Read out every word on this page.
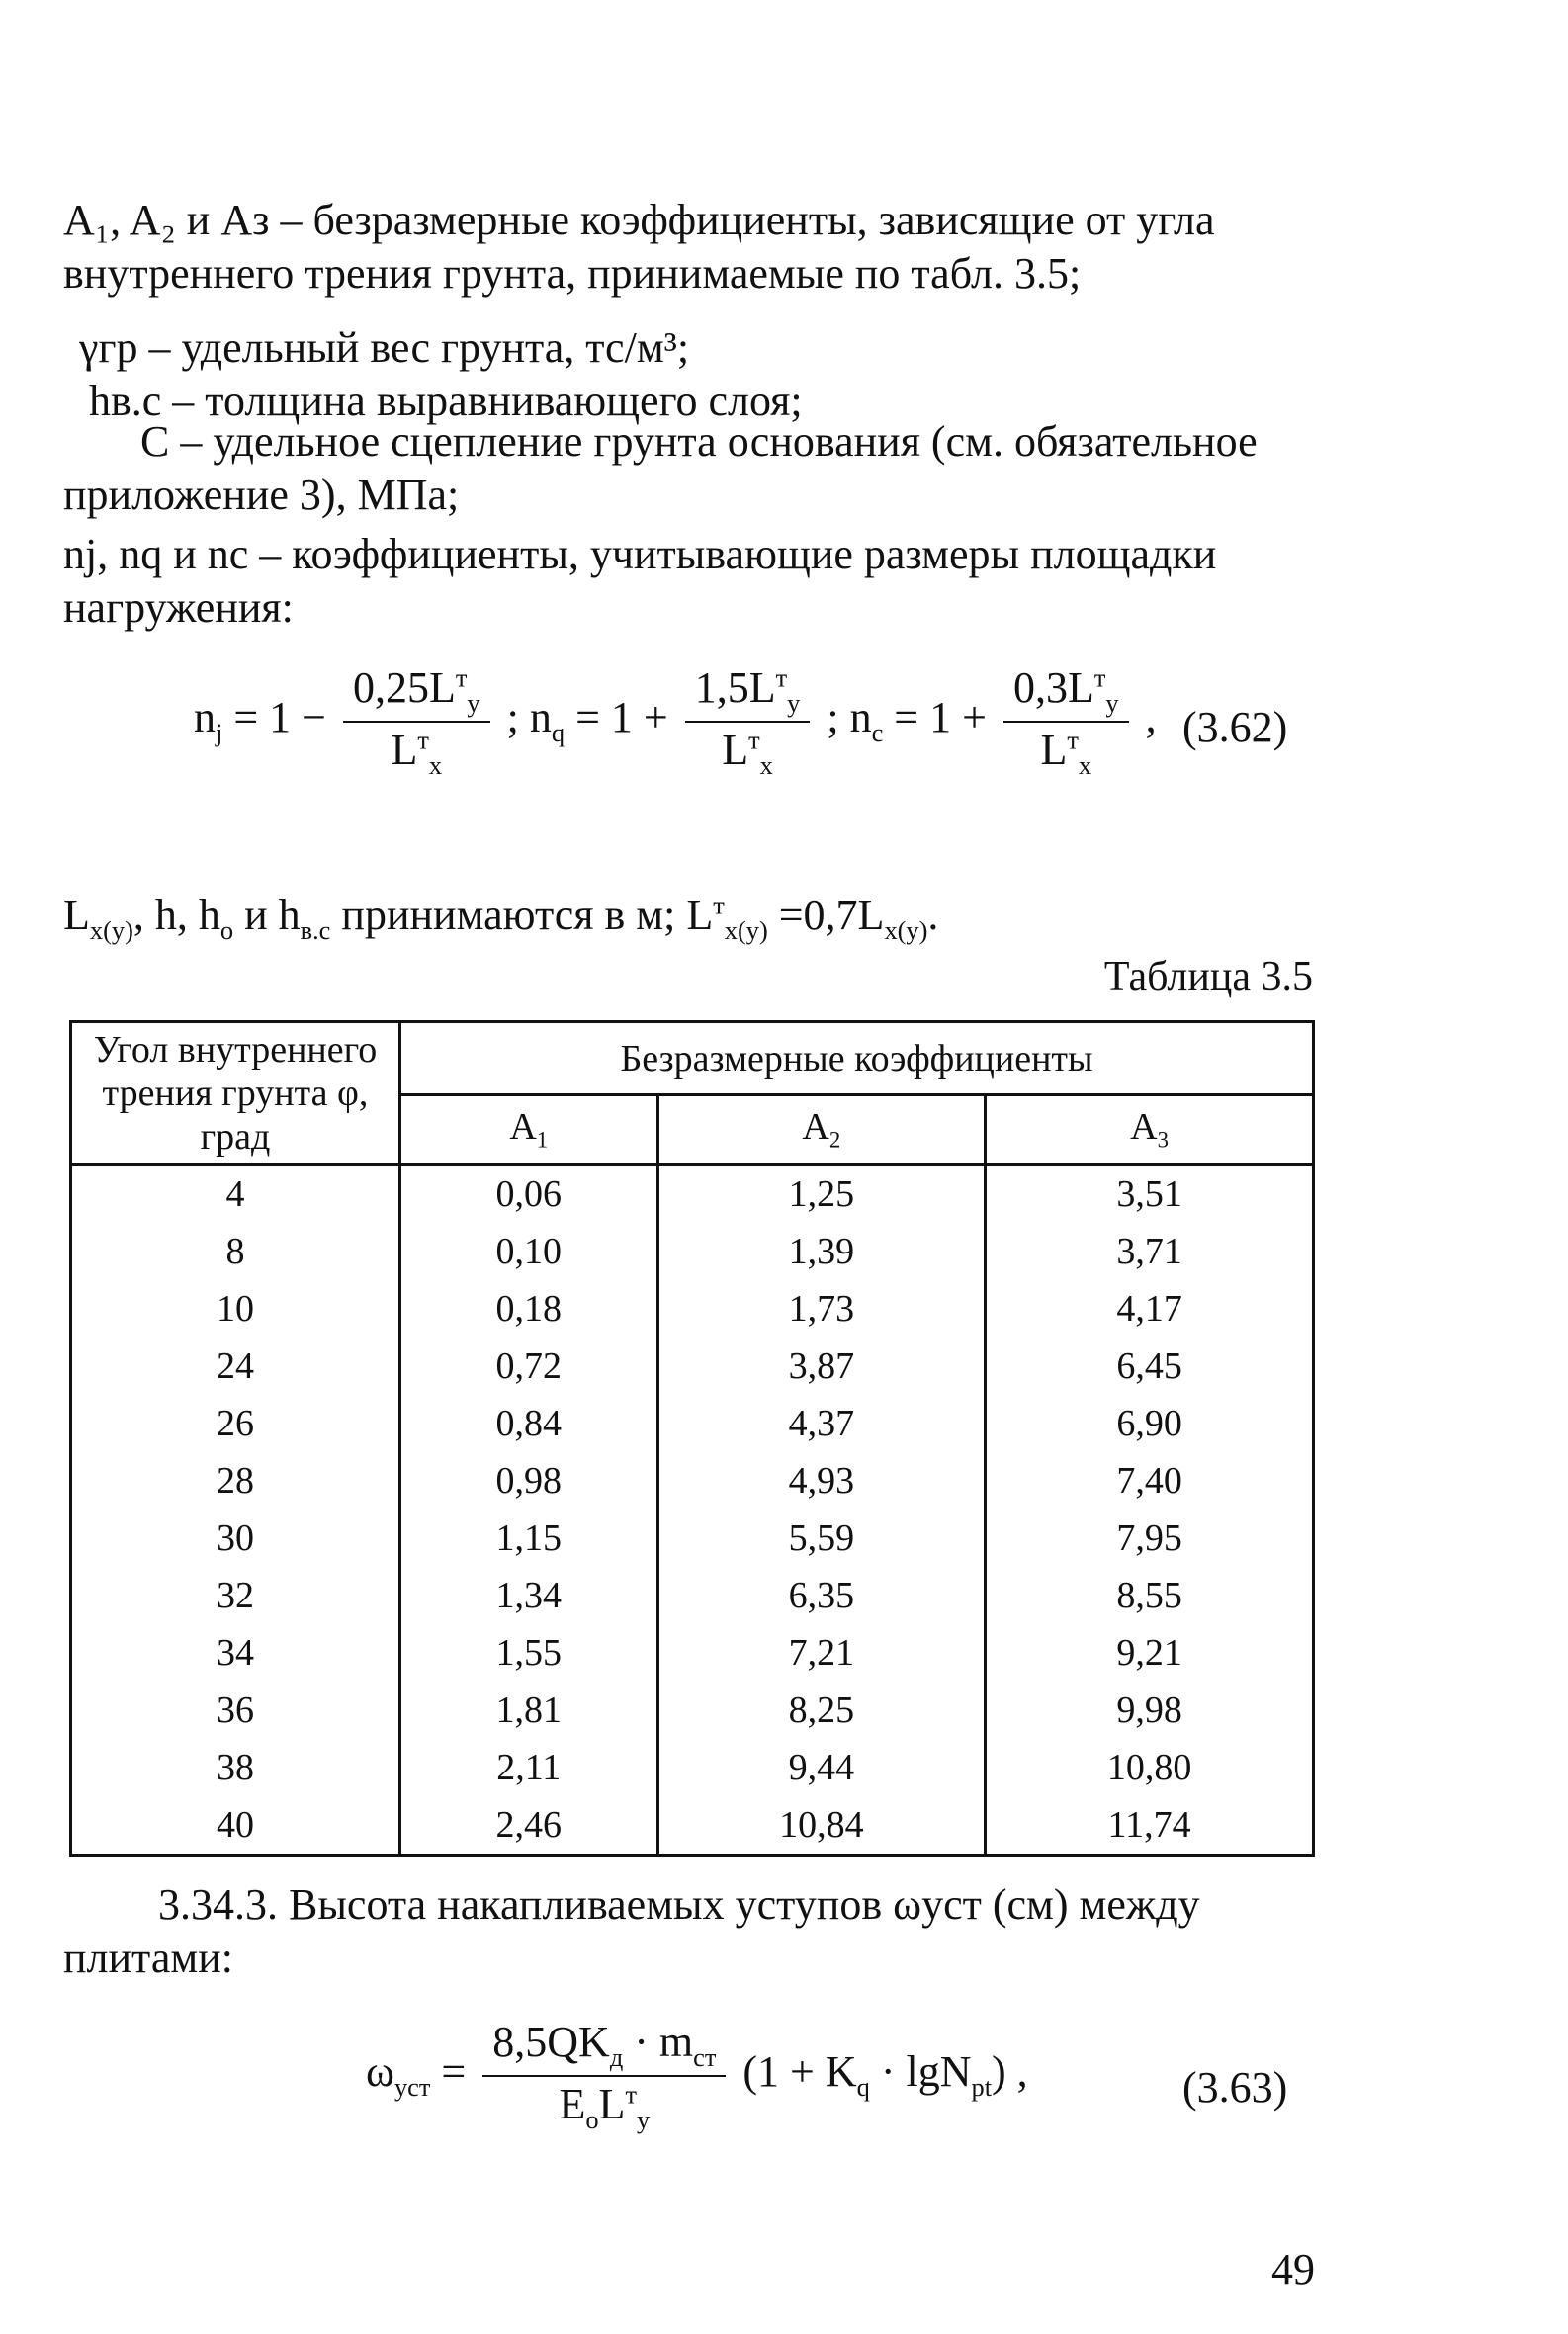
A₁, A₂ и Аз – безразмерные коэффициенты, зависящие от угла внутреннего трения грунта, принимаемые по табл. 3.5;
γгр – удельный вес грунта, тс/м³;
hв.с – толщина выравнивающего слоя;
С – удельное сцепление грунта основания (см. обязательное приложение 3), МПа;
nj, nq и nc – коэффициенты, учитывающие размеры площадки нагружения:
$n_j = 1 - \frac{0,25L^т_y}{L^т_x}$ ; $n_q = 1 + \frac{1,5L^т_y}{L^т_x}$ ; $n_c = 1 + \frac{0,3L^т_y}{L^т_x}$ , (3.62)
$L_{x(y)}$, h, $h_o$ и $h_{в.с}$ принимаются в м; $L^т_{x(y)} =0,7L_{x(y)}$.
Таблица 3.5
Угол внутреннего трения грунта φ, град	Безразмерные коэффициенты		
	$A_1$	$A_2$	$A_3$
4	0,06	1,25	3,51
8	0,10	1,39	3,71
10	0,18	1,73	4,17
24	0,72	3,87	6,45
26	0,84	4,37	6,90
28	0,98	4,93	7,40
30	1,15	5,59	7,95
32	1,34	6,35	8,55
34	1,55	7,21	9,21
36	1,81	8,25	9,98
38	2,11	9,44	10,80
40	2,46	10,84	11,74
3.34.3. Высота накапливаемых уступов ωуст (см) между плитами:
$\omega_{уст} = \frac{8,5QK_д \cdot m_{ст}}{E_oL^т_y} (1 + K_q \cdot \lg N_{pt})$ ,	(3.63)
49
